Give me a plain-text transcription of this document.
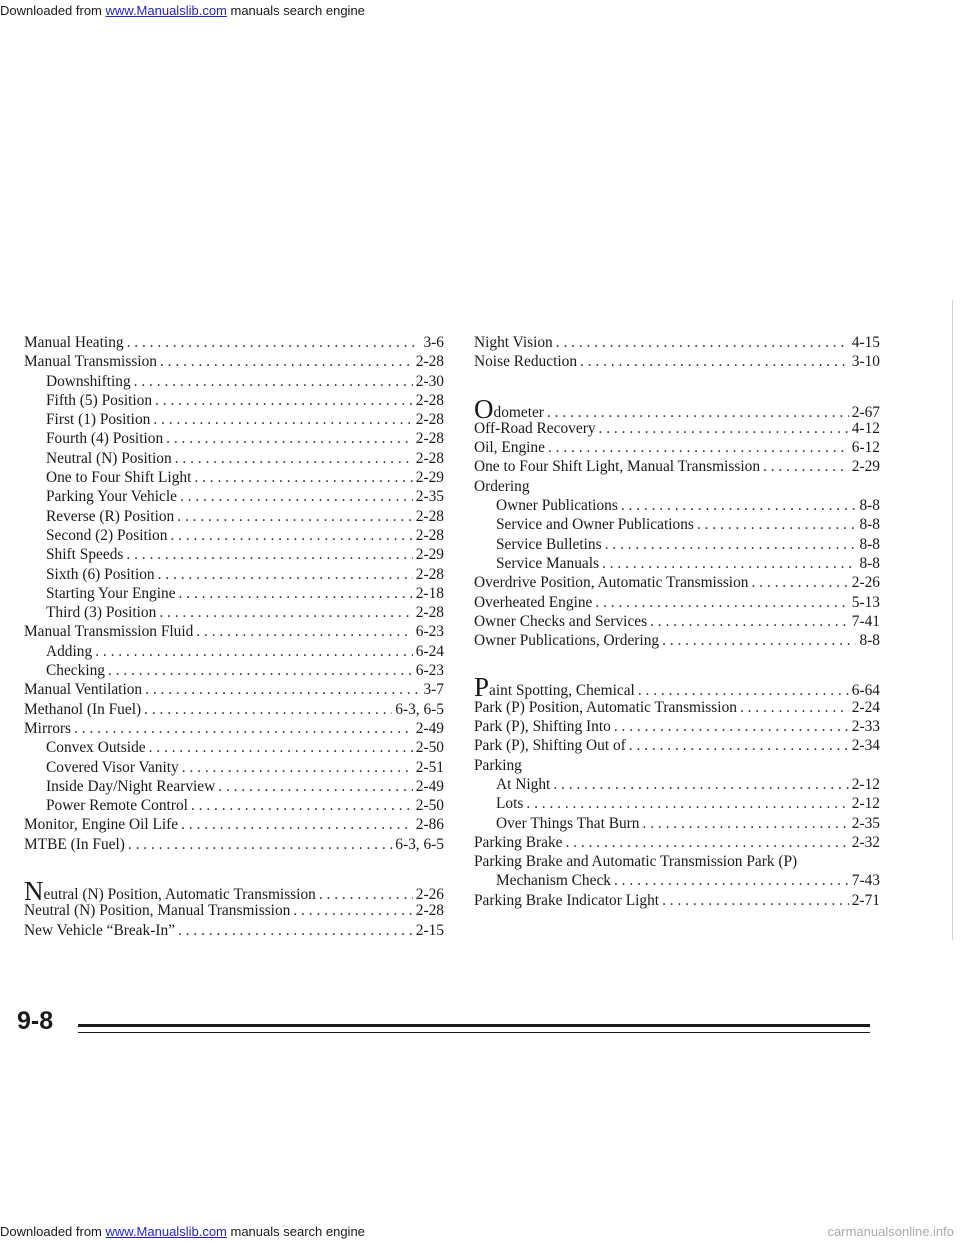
Downloaded from www.Manualslib.com manuals search engine
Manual Heating . . .	3-6
Manual Transmission . . .	2-28
Downshifting . . .	2-30
Fifth (5) Position . . .	2-28
First (1) Position . . .	2-28
Fourth (4) Position . . .	2-28
Neutral (N) Position . . .	2-28
One to Four Shift Light . . .	2-29
Parking Your Vehicle . . .	2-35
Reverse (R) Position . . .	2-28
Second (2) Position . . .	2-28
Shift Speeds . . .	2-29
Sixth (6) Position . . .	2-28
Starting Your Engine . . .	2-18
Third (3) Position . . .	2-28
Manual Transmission Fluid . . .	6-23
Adding . . .	6-24
Checking . . .	6-23
Manual Ventilation . . .	3-7
Methanol (In Fuel) . . .	6-3, 6-5
Mirrors . . .	2-49
Convex Outside . . .	2-50
Covered Visor Vanity . . .	2-51
Inside Day/Night Rearview . . .	2-49
Power Remote Control . . .	2-50
Monitor, Engine Oil Life . . .	2-86
MTBE (In Fuel) . . .	6-3, 6-5
Neutral (N) Position, Automatic Transmission . . .	2-26
Neutral (N) Position, Manual Transmission . . .	2-28
New Vehicle “Break-In” . . .	2-15
Night Vision . . .	4-15
Noise Reduction . . .	3-10
Odometer . . .	2-67
Off-Road Recovery . . .	4-12
Oil, Engine . . .	6-12
One to Four Shift Light, Manual Transmission . . .	2-29
Ordering
Owner Publications . . .	8-8
Service and Owner Publications . . .	8-8
Service Bulletins . . .	8-8
Service Manuals . . .	8-8
Overdrive Position, Automatic Transmission . . .	2-26
Overheated Engine . . .	5-13
Owner Checks and Services . . .	7-41
Owner Publications, Ordering . . .	8-8
Paint Spotting, Chemical . . .	6-64
Park (P) Position, Automatic Transmission . . .	2-24
Park (P), Shifting Into . . .	2-33
Park (P), Shifting Out of . . .	2-34
Parking
At Night . . .	2-12
Lots . . .	2-12
Over Things That Burn . . .	2-35
Parking Brake . . .	2-32
Parking Brake and Automatic Transmission Park (P)
Mechanism Check . . .	7-43
Parking Brake Indicator Light . . .	2-71
9-8
Downloaded from www.Manualslib.com manuals search engine	carmanualsonline.info
